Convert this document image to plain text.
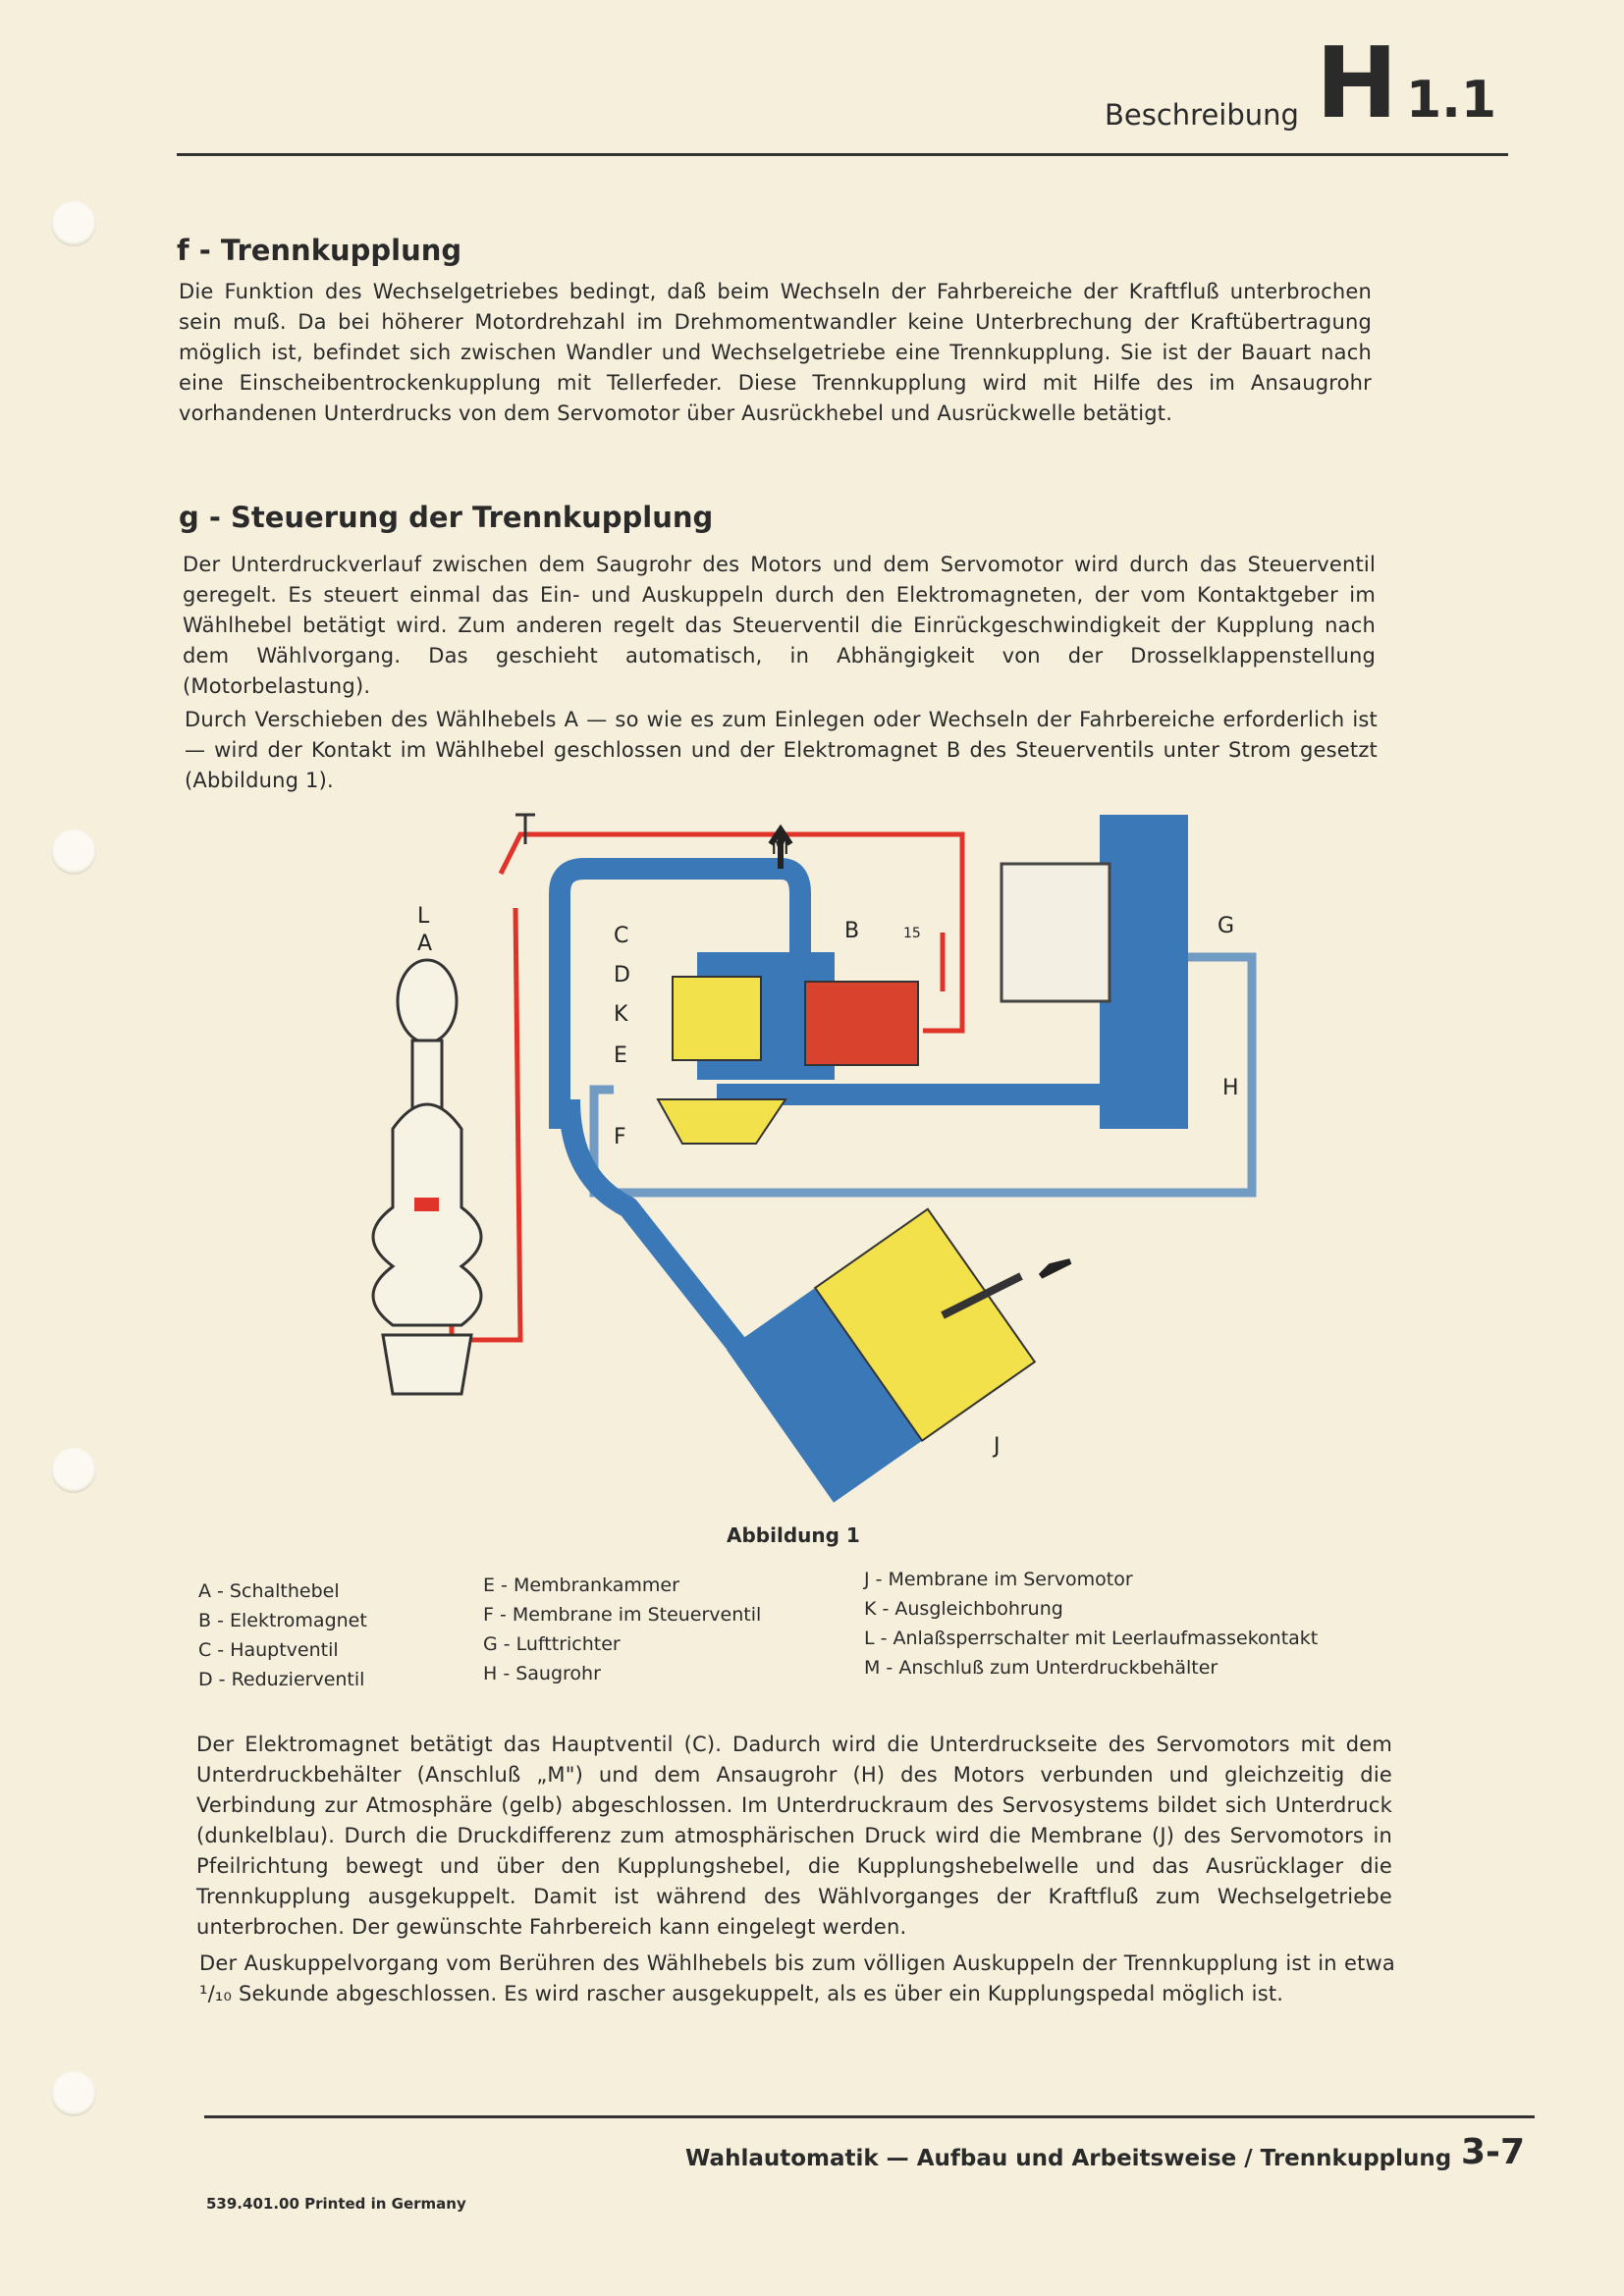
Beschreibung H 1.1
f - Trennkupplung
Die Funktion des Wechselgetriebes bedingt, daß beim Wechseln der Fahrbereiche der Kraftfluß unterbrochen sein muß. Da bei höherer Motordrehzahl im Drehmomentwandler keine Unterbrechung der Kraftübertragung möglich ist, befindet sich zwischen Wandler und Wechselgetriebe eine Trennkupplung. Sie ist der Bauart nach eine Einscheibentrockenkupplung mit Tellerfeder. Diese Trennkupplung wird mit Hilfe des im Ansaugrohr vorhandenen Unterdrucks von dem Servomotor über Ausrückhebel und Ausrückwelle betätigt.
g - Steuerung der Trennkupplung
Der Unterdruckverlauf zwischen dem Saugrohr des Motors und dem Servomotor wird durch das Steuerventil geregelt. Es steuert einmal das Ein- und Auskuppeln durch den Elektromagneten, der vom Kontaktgeber im Wählhebel betätigt wird. Zum anderen regelt das Steuerventil die Einrückgeschwindigkeit der Kupplung nach dem Wählvorgang. Das geschieht automatisch, in Abhängigkeit von der Drosselklappenstellung (Motorbelastung).
Durch Verschieben des Wählhebels A — so wie es zum Einlegen oder Wechseln der Fahrbereiche erforderlich ist — wird der Kontakt im Wählhebel geschlossen und der Elektromagnet B des Steuerventils unter Strom gesetzt (Abbildung 1).
L
A	C
D
K
E
F
B	15
M
G
H
J
Abbildung 1
A - Schalthebel
B - Elektromagnet
C - Hauptventil
D - Reduzierventil
E - Membrankammer
F - Membrane im Steuerventil
G - Lufttrichter
H - Saugrohr
J - Membrane im Servomotor
K - Ausgleichbohrung
L - Anlaßsperrschalter mit Leerlaufmassekontakt
M - Anschluß zum Unterdruckbehälter
Der Elektromagnet betätigt das Hauptventil (C). Dadurch wird die Unterdruckseite des Servomotors mit dem Unterdruckbehälter (Anschluß „M") und dem Ansaugrohr (H) des Motors verbunden und gleichzeitig die Verbindung zur Atmosphäre (gelb) abgeschlossen. Im Unterdruckraum des Servosystems bildet sich Unterdruck (dunkelblau). Durch die Druckdifferenz zum atmosphärischen Druck wird die Membrane (J) des Servomotors in Pfeilrichtung bewegt und über den Kupplungshebel, die Kupplungshebelwelle und das Ausrücklager die Trennkupplung ausgekuppelt. Damit ist während des Wählvorganges der Kraftfluß zum Wechselgetriebe unterbrochen. Der gewünschte Fahrbereich kann eingelegt werden.
Der Auskuppelvorgang vom Berühren des Wählhebels bis zum völligen Auskuppeln der Trennkupplung ist in etwa ¹/₁₀ Sekunde abgeschlossen. Es wird rascher ausgekuppelt, als es über ein Kupplungspedal möglich ist.
Wahlautomatik — Aufbau und Arbeitsweise / Trennkupplung 3-7
539.401.00 Printed in Germany
